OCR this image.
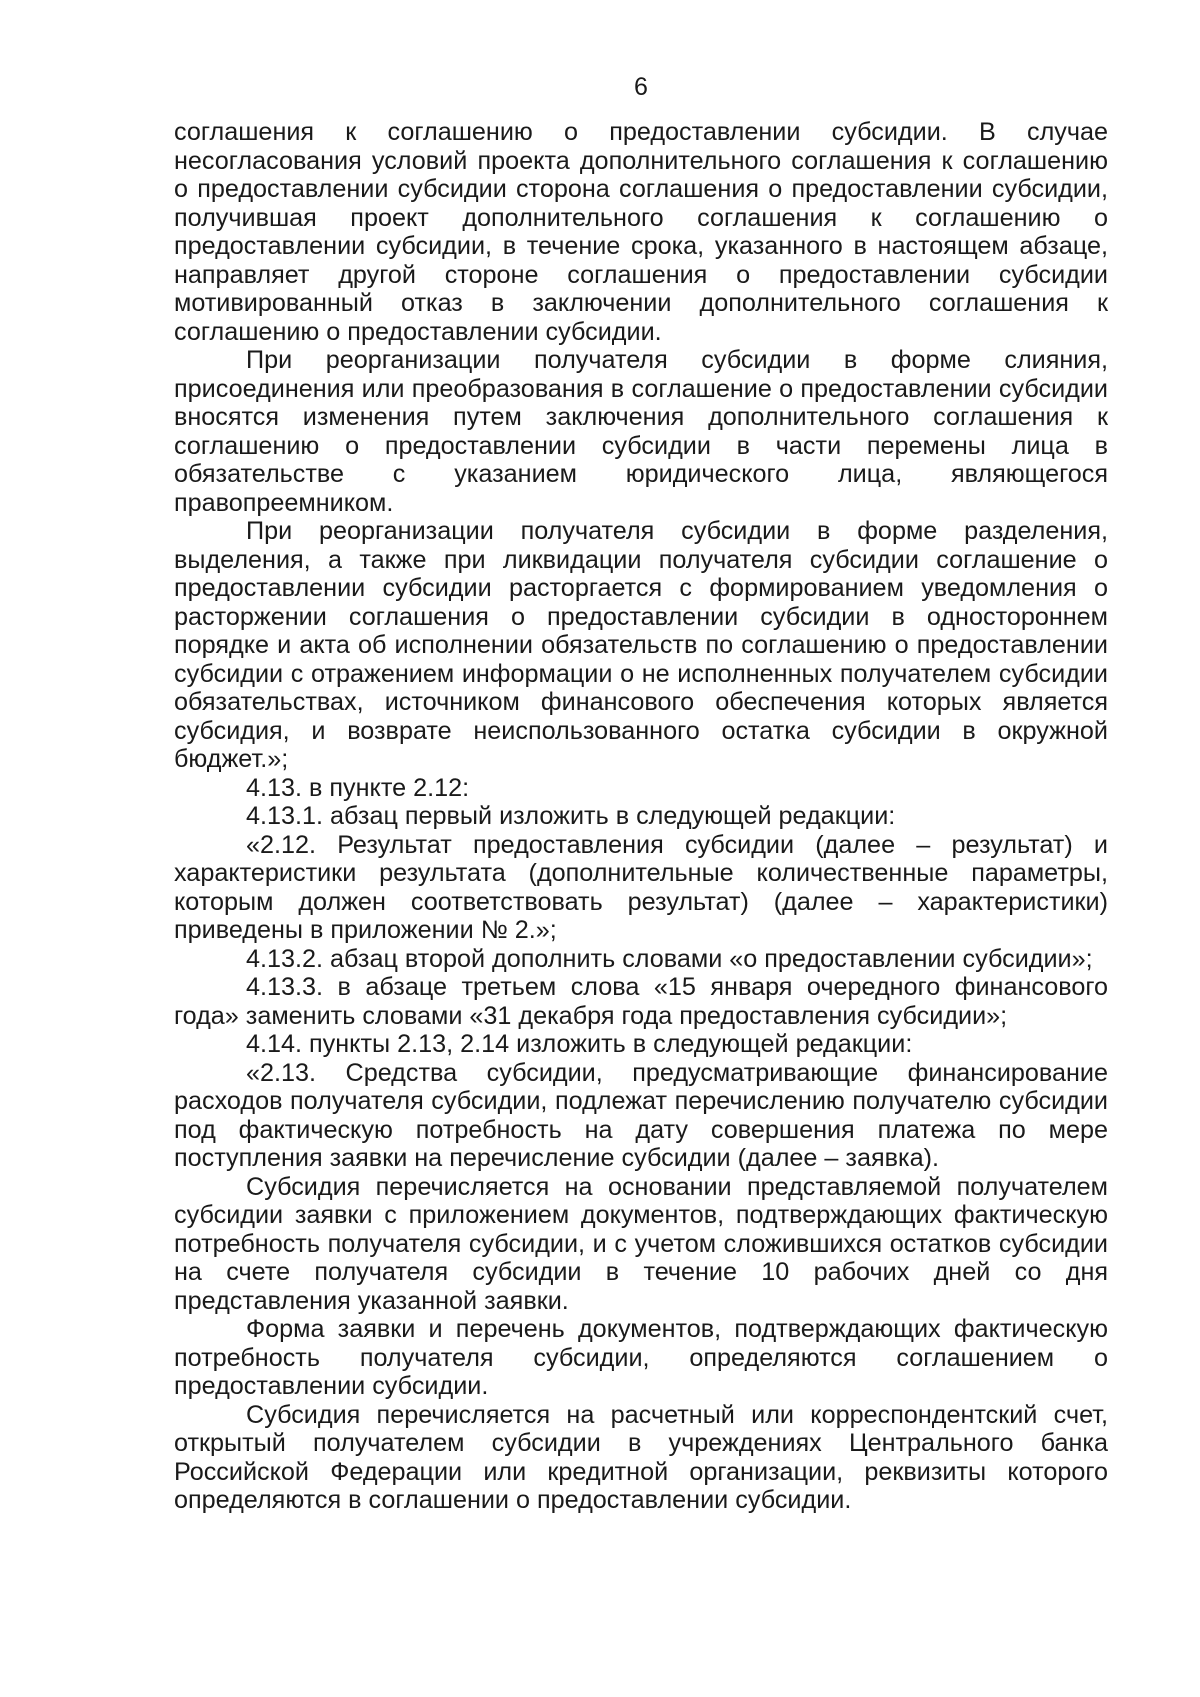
6

соглашения к соглашению о предоставлении субсидии. В случае несогласования условий проекта дополнительного соглашения к соглашению о предоставлении субсидии сторона соглашения о предоставлении субсидии, получившая проект дополнительного соглашения к соглашению о предоставлении субсидии, в течение срока, указанного в настоящем абзаце, направляет другой стороне соглашения о предоставлении субсидии мотивированный отказ в заключении дополнительного соглашения к соглашению о предоставлении субсидии.

При реорганизации получателя субсидии в форме слияния, присоединения или преобразования в соглашение о предоставлении субсидии вносятся изменения путем заключения дополнительного соглашения к соглашению о предоставлении субсидии в части перемены лица в обязательстве с указанием юридического лица, являющегося правопреемником.

При реорганизации получателя субсидии в форме разделения, выделения, а также при ликвидации получателя субсидии соглашение о предоставлении субсидии расторгается с формированием уведомления о расторжении соглашения о предоставлении субсидии в одностороннем порядке и акта об исполнении обязательств по соглашению о предоставлении субсидии с отражением информации о не исполненных получателем субсидии обязательствах, источником финансового обеспечения которых является субсидия, и возврате неиспользованного остатка субсидии в окружной бюджет.»;

4.13. в пункте 2.12:

4.13.1. абзац первый изложить в следующей редакции:

«2.12. Результат предоставления субсидии (далее – результат) и характеристики результата (дополнительные количественные параметры, которым должен соответствовать результат) (далее – характеристики) приведены в приложении № 2.»;

4.13.2. абзац второй дополнить словами «о предоставлении субсидии»;

4.13.3. в абзаце третьем слова «15 января очередного финансового года» заменить словами «31 декабря года предоставления субсидии»;

4.14. пункты 2.13, 2.14 изложить в следующей редакции:

«2.13. Средства субсидии, предусматривающие финансирование расходов получателя субсидии, подлежат перечислению получателю субсидии под фактическую потребность на дату совершения платежа по мере поступления заявки на перечисление субсидии (далее – заявка).

Субсидия перечисляется на основании представляемой получателем субсидии заявки с приложением документов, подтверждающих фактическую потребность получателя субсидии, и с учетом сложившихся остатков субсидии на счете получателя субсидии в течение 10 рабочих дней со дня представления указанной заявки.

Форма заявки и перечень документов, подтверждающих фактическую потребность получателя субсидии, определяются соглашением о предоставлении субсидии.

Субсидия перечисляется на расчетный или корреспондентский счет, открытый получателем субсидии в учреждениях Центрального банка Российской Федерации или кредитной организации, реквизиты которого определяются в соглашении о предоставлении субсидии.
